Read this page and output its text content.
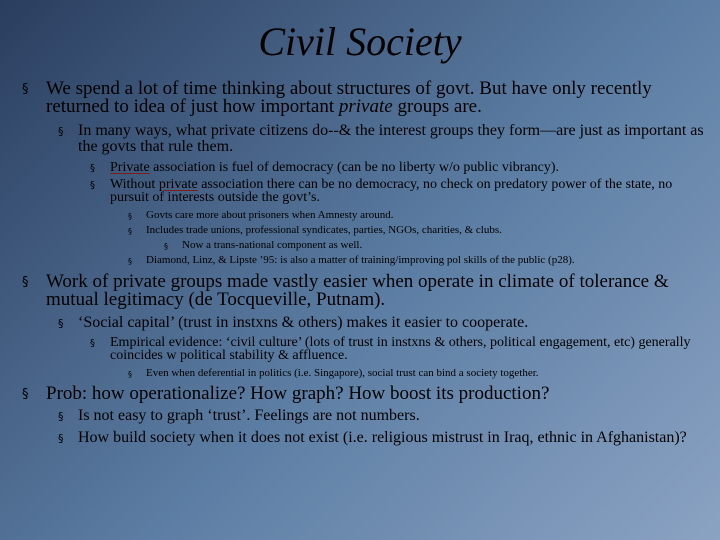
Civil Society
§ We spend a lot of time thinking about structures of govt. But have only recently returned to idea of just how important private groups are.
§ In many ways, what private citizens do--& the interest groups they form—are just as important as the govts that rule them.
§ Private association is fuel of democracy (can be no liberty w/o public vibrancy).
§ Without private association there can be no democracy, no check on predatory power of the state, no pursuit of interests outside the govt’s.
§ Govts care more about prisoners when Amnesty around.
§ Includes trade unions, professional syndicates, parties, NGOs, charities, & clubs.
§ Now a trans-national component as well.
§ Diamond, Linz, & Lipste ’95: is also a matter of training/improving pol skills of the public (p28).
§ Work of private groups made vastly easier when operate in climate of tolerance & mutual legitimacy (de Tocqueville, Putnam).
§ ‘Social capital’ (trust in instxns & others) makes it easier to cooperate.
§ Empirical evidence: ‘civil culture’ (lots of trust in instxns & others, political engagement, etc) generally coincides w political stability & affluence.
§ Even when deferential in politics (i.e. Singapore), social trust can bind a society together.
§ Prob: how operationalize? How graph? How boost its production?
§ Is not easy to graph ‘trust’. Feelings are not numbers.
§ How build society when it does not exist (i.e. religious mistrust in Iraq, ethnic in Afghanistan)?
